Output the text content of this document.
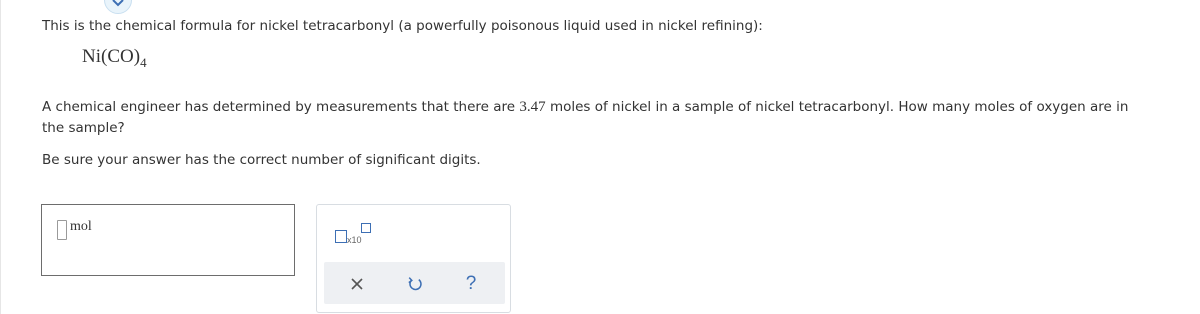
This is the chemical formula for nickel tetracarbonyl (a powerfully poisonous liquid used in nickel refining):
$Ni(CO)_4$
A chemical engineer has determined by measurements that there are 3.47 moles of nickel in a sample of nickel tetracarbonyl. How many moles of oxygen are in
the sample?
Be sure your answer has the correct number of significant digits.
mol
x10
?
